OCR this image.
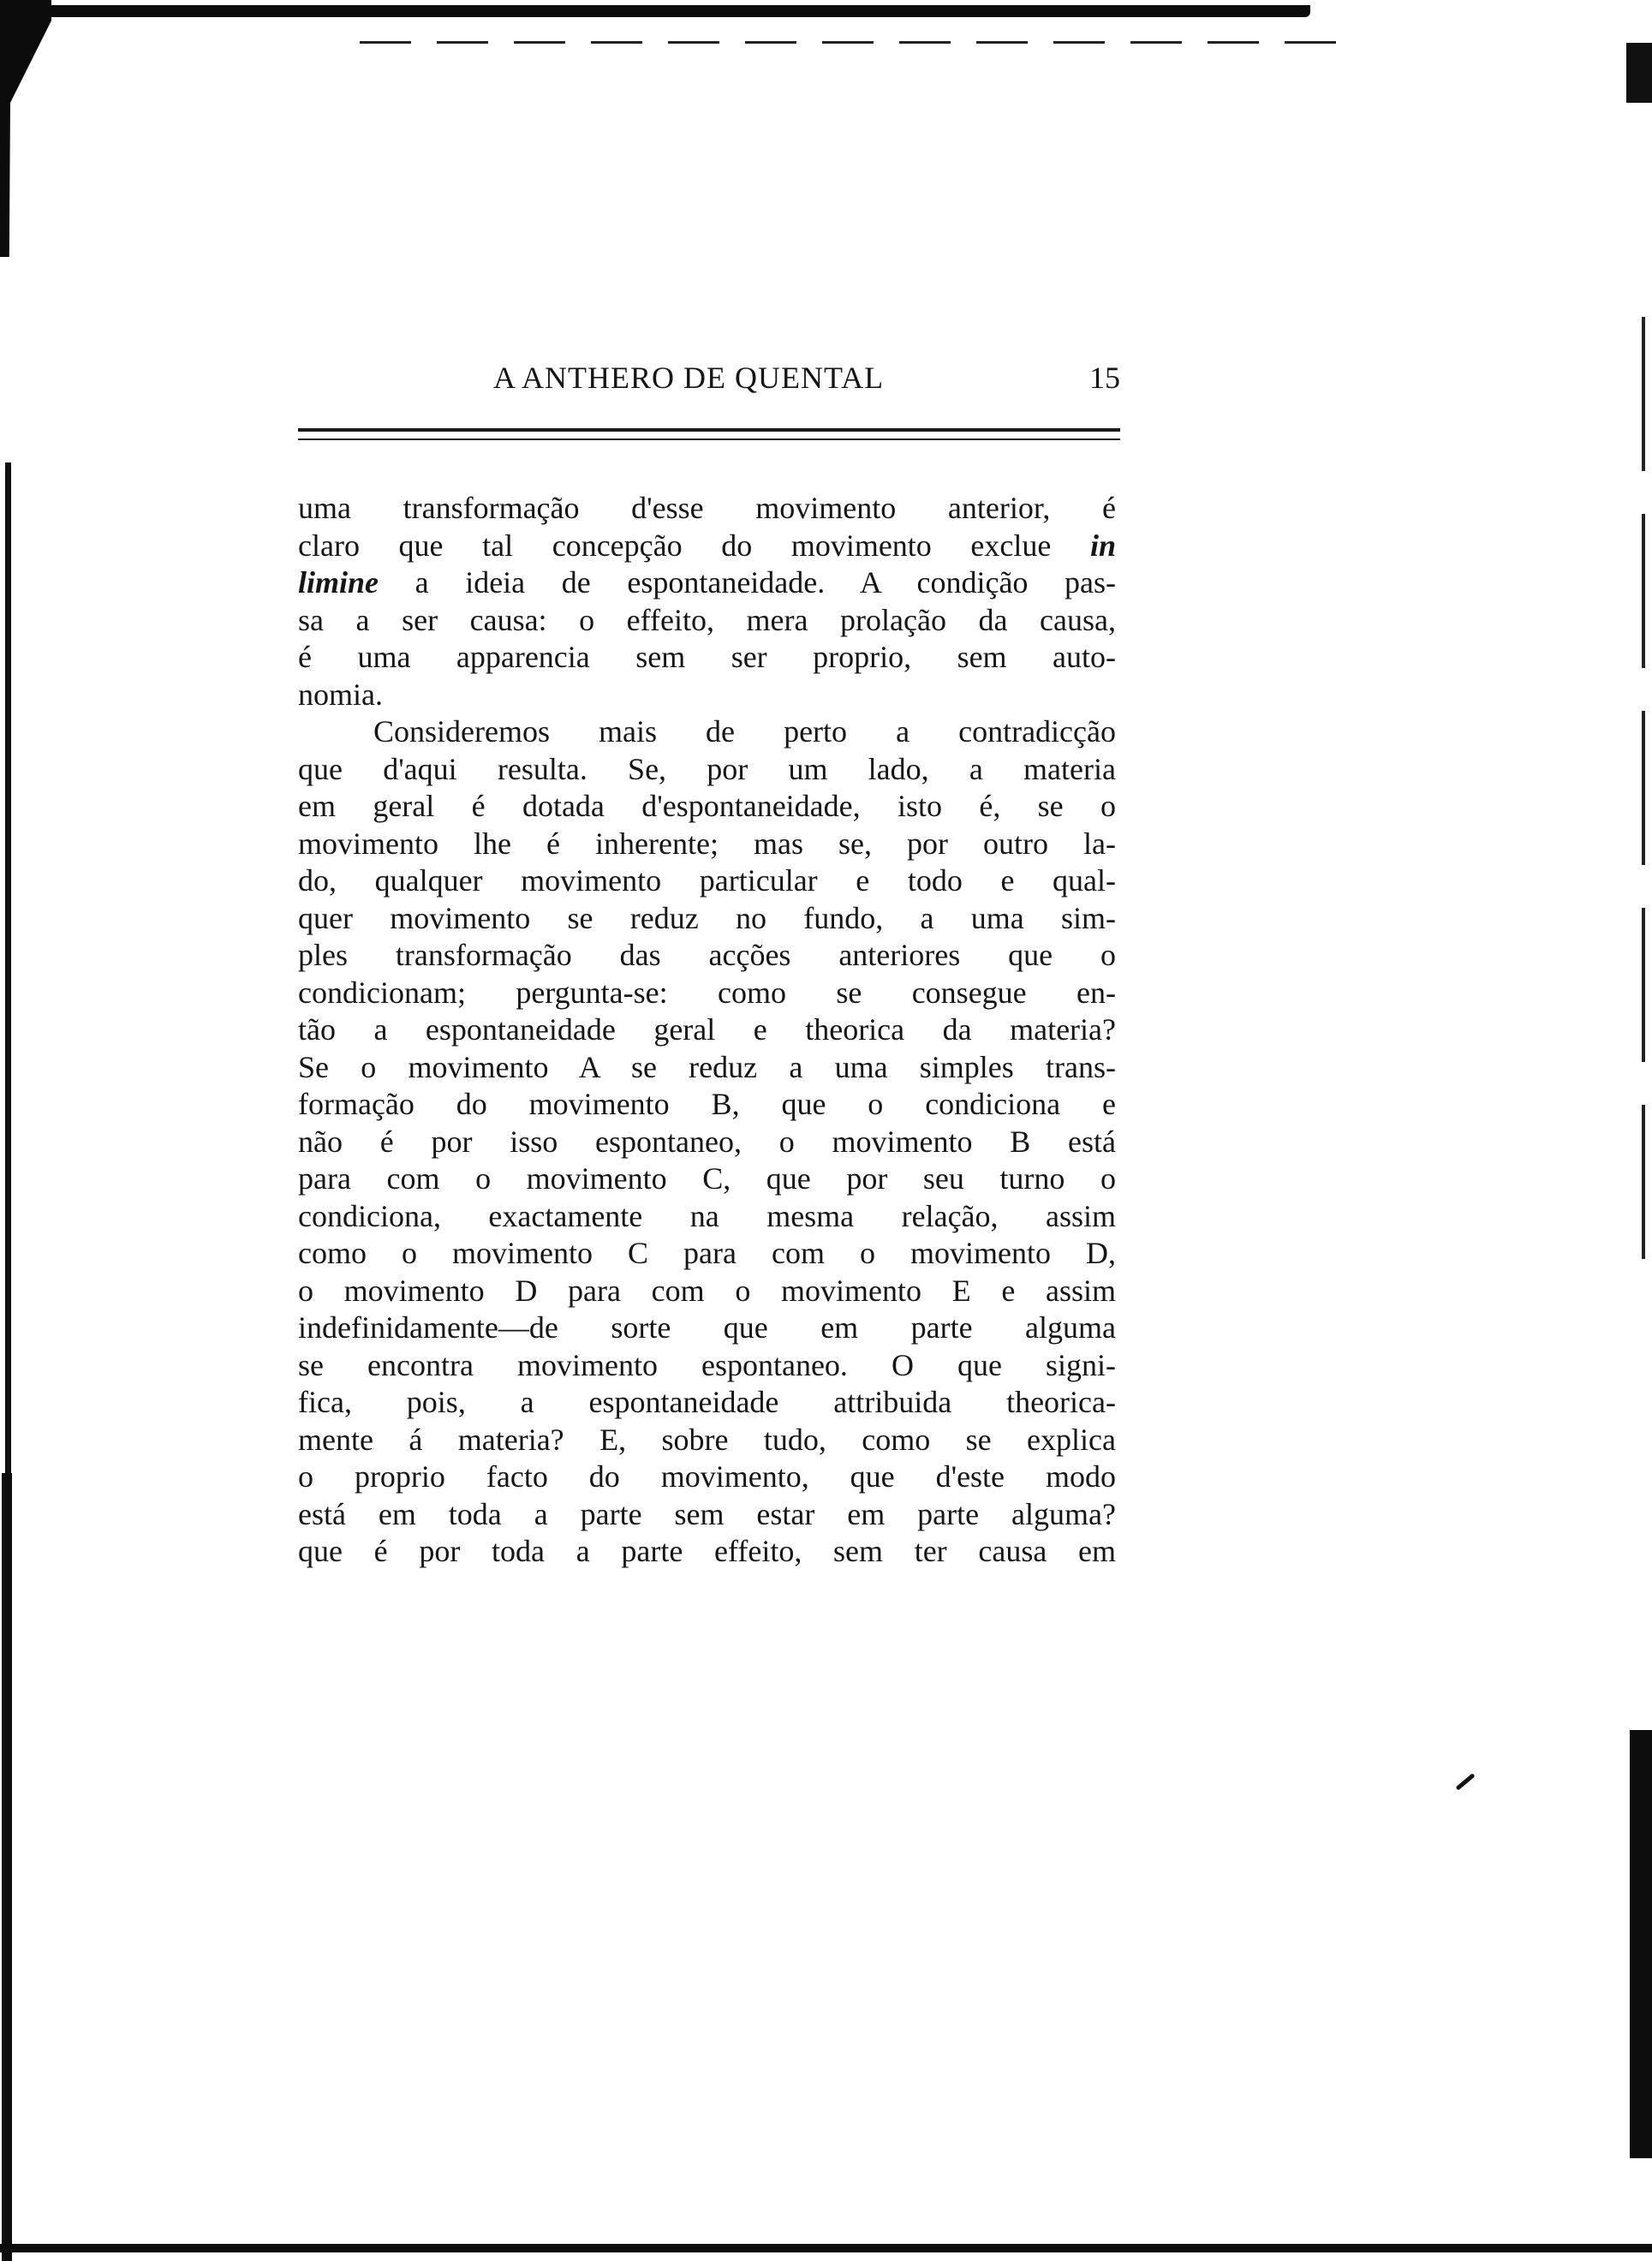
A ANTHERO DE QUENTAL	15
uma transformação d'esse movimento anterior, é
claro que tal concepção do movimento exclue in
limine a ideia de espontaneidade. A condição pas-
sa a ser causa: o effeito, mera prolação da causa,
é uma apparencia sem ser proprio, sem auto-
nomia.
Consideremos mais de perto a contradicção
que d'aqui resulta. Se, por um lado, a materia
em geral é dotada d'espontaneidade, isto é, se o
movimento lhe é inherente; mas se, por outro la-
do, qualquer movimento particular e todo e qual-
quer movimento se reduz no fundo, a uma sim-
ples transformação das acções anteriores que o
condicionam; pergunta-se: como se consegue en-
tão a espontaneidade geral e theorica da materia?
Se o movimento A se reduz a uma simples trans-
formação do movimento B, que o condiciona e
não é por isso espontaneo, o movimento B está
para com o movimento C, que por seu turno o
condiciona, exactamente na mesma relação, assim
como o movimento C para com o movimento D,
o movimento D para com o movimento E e assim
indefinidamente—de sorte que em parte alguma
se encontra movimento espontaneo. O que signi-
fica, pois, a espontaneidade attribuida theorica-
mente á materia? E, sobre tudo, como se explica
o proprio facto do movimento, que d'este modo
está em toda a parte sem estar em parte alguma?
que é por toda a parte effeito, sem ter causa em
